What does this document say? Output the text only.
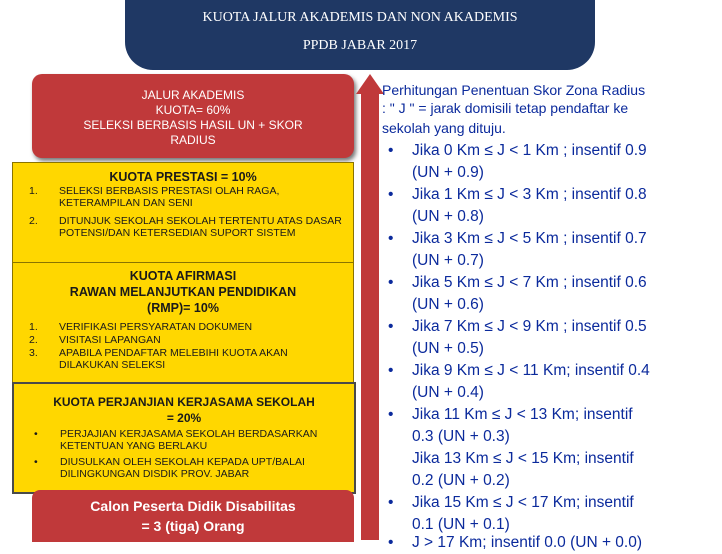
KUOTA JALUR AKADEMIS DAN NON AKADEMIS
PPDB JABAR 2017
JALUR AKADEMIS
KUOTA= 60%
SELEKSI BERBASIS HASIL UN + SKOR
RADIUS
KUOTA PRESTASI = 10%
1. SELEKSI BERBASIS PRESTASI OLAH RAGA, KETERAMPILAN DAN SENI
2. DITUNJUK SEKOLAH SEKOLAH TERTENTU ATAS DASAR POTENSI/DAN KETERSEDIAN SUPORT SISTEM
KUOTA AFIRMASI
RAWAN MELANJUTKAN PENDIDIKAN
(RMP)= 10%
1. VERIFIKASI PERSYARATAN DOKUMEN
2. VISITASI LAPANGAN
3. APABILA PENDAFTAR MELEBIHI KUOTA AKAN DILAKUKAN SELEKSI
KUOTA PERJANJIAN KERJASAMA SEKOLAH
= 20%
• PERJAJIAN KERJASAMA SEKOLAH BERDASARKAN KETENTUAN YANG BERLAKU
• DIUSULKAN OLEH SEKOLAH KEPADA UPT/BALAI DILINGKUNGAN DISDIK PROV. JABAR
Calon Peserta Didik Disabilitas
= 3 (tiga) Orang
Perhitungan Penentuan Skor Zona Radius
: " J " = jarak domisili tetap pendaftar ke
sekolah yang dituju.
• Jika 0 Km ≤ J < 1 Km ; insentif 0.9
(UN + 0.9)
• Jika 1 Km ≤ J < 3 Km ; insentif 0.8
(UN + 0.8)
• Jika 3 Km ≤ J < 5 Km ; insentif 0.7
(UN + 0.7)
• Jika 5 Km ≤ J < 7 Km ; insentif 0.6
(UN + 0.6)
• Jika 7 Km ≤ J < 9 Km ; insentif 0.5
(UN + 0.5)
• Jika 9 Km ≤ J < 11 Km; insentif 0.4
(UN + 0.4)
• Jika 11 Km ≤ J < 13 Km; insentif
0.3 (UN + 0.3)
Jika 13 Km ≤ J < 15 Km; insentif
0.2 (UN + 0.2)
• Jika 15 Km ≤ J < 17 Km; insentif
0.1 (UN + 0.1)
• J > 17 Km; insentif 0.0 (UN + 0.0)
